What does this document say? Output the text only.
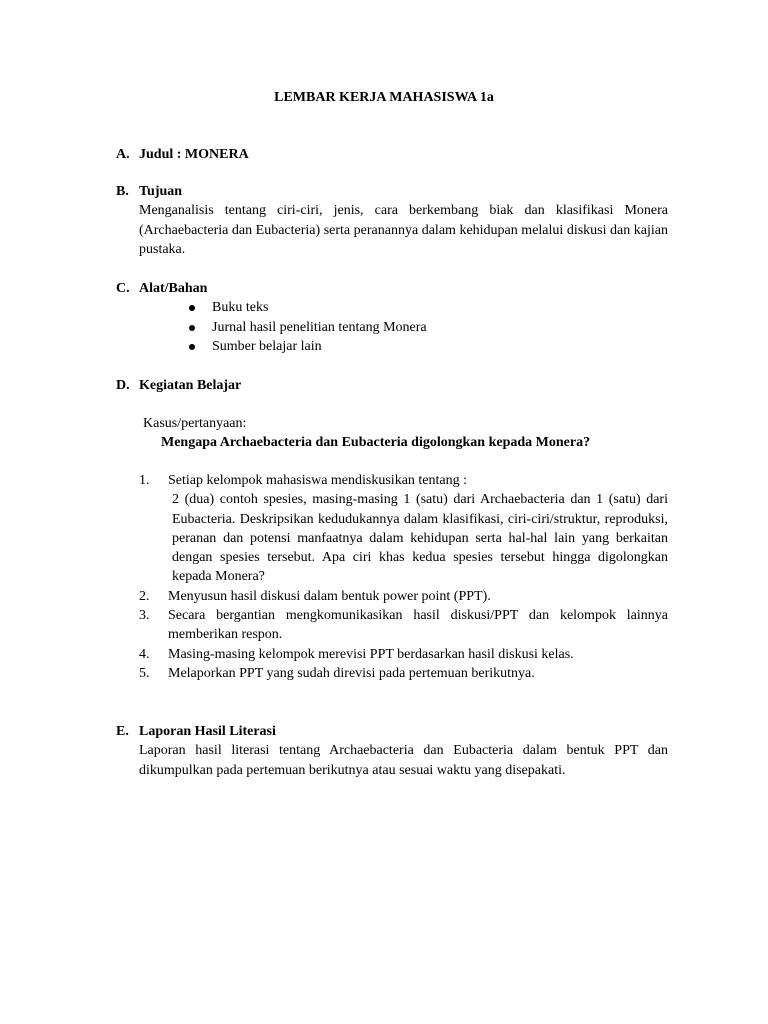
LEMBAR KERJA MAHASISWA 1a
A. Judul : MONERA
B. Tujuan
Menganalisis tentang ciri-ciri, jenis, cara berkembang biak dan klasifikasi Monera (Archaebacteria dan Eubacteria) serta peranannya dalam kehidupan melalui diskusi dan kajian pustaka.
C. Alat/Bahan
Buku teks
Jurnal hasil penelitian tentang Monera
Sumber belajar lain
D. Kegiatan Belajar
Kasus/pertanyaan:
Mengapa Archaebacteria dan Eubacteria digolongkan kepada Monera?
1. Setiap kelompok mahasiswa mendiskusikan tentang :
2 (dua) contoh spesies, masing-masing 1 (satu) dari Archaebacteria dan 1 (satu) dari Eubacteria. Deskripsikan kedudukannya dalam klasifikasi, ciri-ciri/struktur, reproduksi, peranan dan potensi manfaatnya dalam kehidupan serta hal-hal lain yang berkaitan dengan spesies tersebut. Apa ciri khas kedua spesies tersebut hingga digolongkan kepada Monera?
2. Menyusun hasil diskusi dalam bentuk power point (PPT).
3. Secara bergantian mengkomunikasikan hasil diskusi/PPT dan kelompok lainnya memberikan respon.
4. Masing-masing kelompok merevisi PPT berdasarkan hasil diskusi kelas.
5. Melaporkan PPT yang sudah direvisi pada pertemuan berikutnya.
E. Laporan Hasil Literasi
Laporan hasil literasi tentang Archaebacteria dan Eubacteria dalam bentuk PPT dan dikumpulkan pada pertemuan berikutnya atau sesuai waktu yang disepakati.
